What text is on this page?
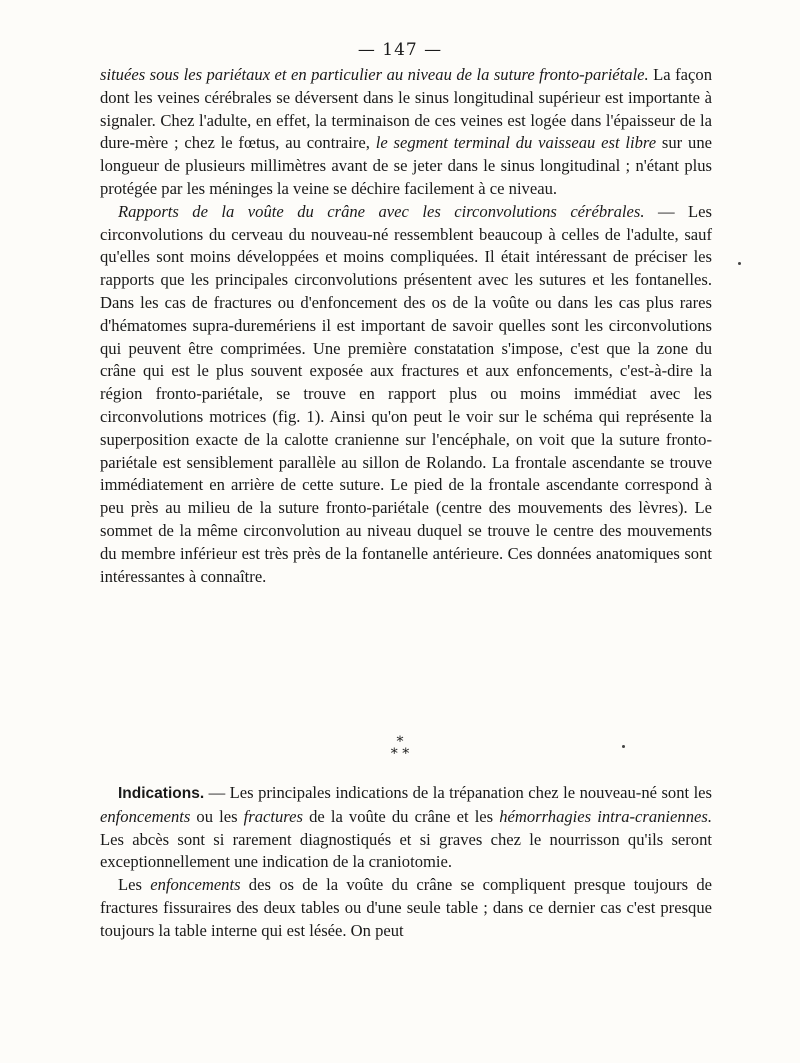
— 147 —

situées sous les pariétaux et en particulier au niveau de la suture fronto-pariétale. La façon dont les veines cérébrales se déversent dans le sinus longitudinal supérieur est importante à signaler. Chez l'adulte, en effet, la terminaison de ces veines est logée dans l'épaisseur de la dure-mère ; chez le fœtus, au contraire, le segment terminal du vaisseau est libre sur une longueur de plusieurs millimètres avant de se jeter dans le sinus longitudinal ; n'étant plus protégée par les méninges la veine se déchire facilement à ce niveau.

Rapports de la voûte du crâne avec les circonvolutions cérébrales. — Les circonvolutions du cerveau du nouveau-né ressemblent beaucoup à celles de l'adulte, sauf qu'elles sont moins développées et moins compliquées. Il était intéressant de préciser les rapports que les principales circonvolutions présentent avec les sutures et les fontanelles. Dans les cas de fractures ou d'enfoncement des os de la voûte ou dans les cas plus rares d'hématomes supra-duremériens il est important de savoir quelles sont les circonvolutions qui peuvent être comprimées. Une première constatation s'impose, c'est que la zone du crâne qui est le plus souvent exposée aux fractures et aux enfoncements, c'est-à-dire la région fronto-pariétale, se trouve en rapport plus ou moins immédiat avec les circonvolutions motrices (fig. 1). Ainsi qu'on peut le voir sur le schéma qui représente la superposition exacte de la calotte cranienne sur l'encéphale, on voit que la suture fronto-pariétale est sensiblement parallèle au sillon de Rolando. La frontale ascendante se trouve immédiatement en arrière de cette suture. Le pied de la frontale ascendante correspond à peu près au milieu de la suture fronto-pariétale (centre des mouvements des lèvres). Le sommet de la même circonvolution au niveau duquel se trouve le centre des mouvements du membre inférieur est très près de la fontanelle antérieure. Ces données anatomiques sont intéressantes à connaître.

*
* *

Indications. — Les principales indications de la trépanation chez le nouveau-né sont les enfoncements ou les fractures de la voûte du crâne et les hémorrhagies intra-craniennes. Les abcès sont si rarement diagnostiqués et si graves chez le nourrisson qu'ils seront exceptionnellement une indication de la craniotomie.

Les enfoncements des os de la voûte du crâne se compliquent presque toujours de fractures fissuraires des deux tables ou d'une seule table ; dans ce dernier cas c'est presque toujours la table interne qui est lésée. On peut
